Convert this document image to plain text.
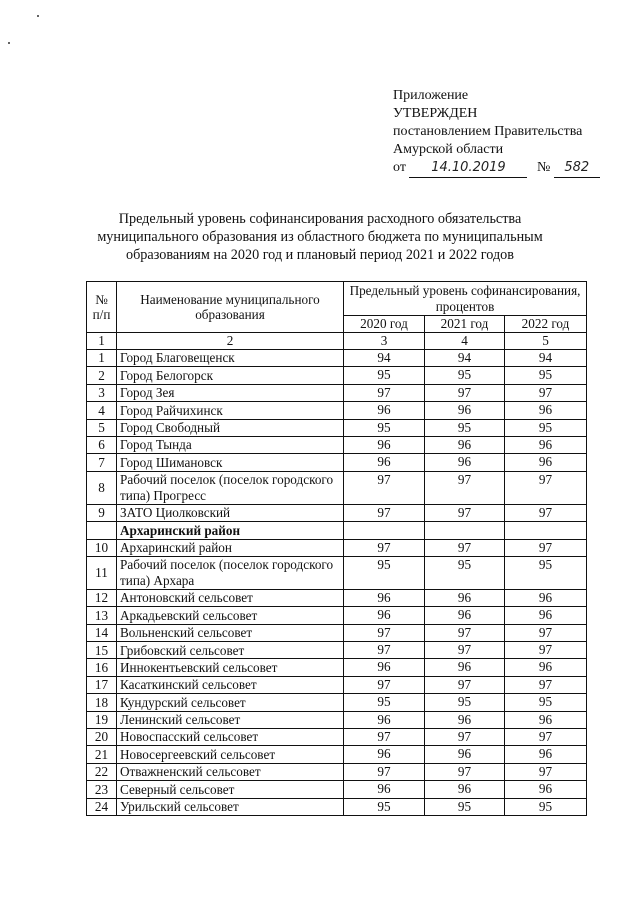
Приложение
УТВЕРЖДЕН
постановлением Правительства
Амурской области
от 14.10.2019 № 582
Предельный уровень софинансирования расходного обязательства муниципального образования из областного бюджета по муниципальным образованиям на 2020 год и плановый период 2021 и 2022 годов
№ п/п	Наименование муниципального образования	Предельный уровень софинансирования, процентов		
		2020 год	2021 год	2022 год
1	2	3	4	5
1	Город Благовещенск	94	94	94
2	Город Белогорск	95	95	95
3	Город Зея	97	97	97
4	Город Райчихинск	96	96	96
5	Город Свободный	95	95	95
6	Город Тында	96	96	96
7	Город Шимановск	96	96	96
8	Рабочий поселок (поселок городского типа) Прогресс	97	97	97
9	ЗАТО Циолковский	97	97	97
	Архаринский район			
10	Архаринский район	97	97	97
11	Рабочий поселок (поселок городского типа) Архара	95	95	95
12	Антоновский сельсовет	96	96	96
13	Аркадьевский сельсовет	96	96	96
14	Вольненский сельсовет	97	97	97
15	Грибовский сельсовет	97	97	97
16	Иннокентьевский сельсовет	96	96	96
17	Касаткинский сельсовет	97	97	97
18	Кундурский сельсовет	95	95	95
19	Ленинский сельсовет	96	96	96
20	Новоспасский сельсовет	97	97	97
21	Новосергеевский сельсовет	96	96	96
22	Отважненский сельсовет	97	97	97
23	Северный сельсовет	96	96	96
24	Урильский сельсовет	95	95	95
